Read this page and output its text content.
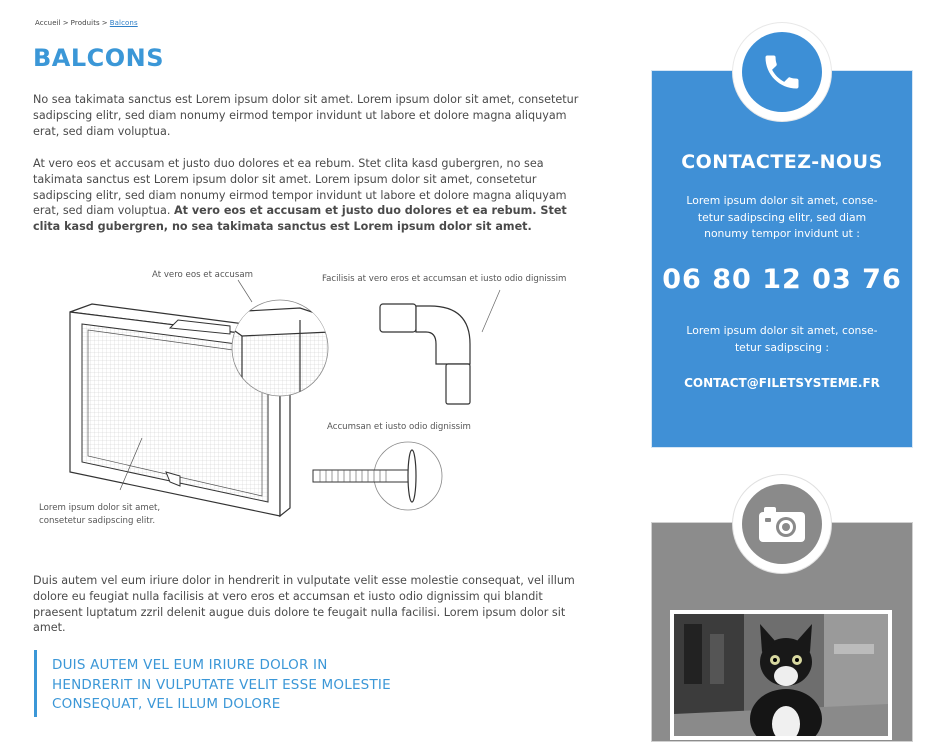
Accueil > Produits > Balcons
BALCONS

No sea takimata sanctus est Lorem ipsum dolor sit amet. Lorem ipsum dolor sit amet, consetetur sadipscing elitr, sed diam nonumy eirmod tempor invidunt ut labore et dolore magna aliquyam erat, sed diam voluptua.

At vero eos et accusam et justo duo dolores et ea rebum. Stet clita kasd gubergren, no sea takimata sanctus est Lorem ipsum dolor sit amet. Lorem ipsum dolor sit amet, consetetur sadipscing elitr, sed diam nonumy eirmod tempor invidunt ut labore et dolore magna aliquyam erat, sed diam voluptua. At vero eos et accusam et justo duo dolores et ea rebum. Stet clita kasd gubergren, no sea takimata sanctus est Lorem ipsum dolor sit amet.

At vero eos et accusam	Facilisis at vero eros et accumsan et iusto odio dignissim
Accumsan et iusto odio dignissim
Lorem ipsum dolor sit amet,
consetetur sadipscing elitr.

Duis autem vel eum iriure dolor in hendrerit in vulputate velit esse molestie consequat, vel illum dolore eu feugiat nulla facilisis at vero eros et accumsan et iusto odio dignissim qui blandit praesent luptatum zzril delenit augue duis dolore te feugait nulla facilisi. Lorem ipsum dolor sit amet.

DUIS AUTEM VEL EUM IRIURE DOLOR IN HENDRERIT IN VULPUTATE VELIT ESSE MOLESTIE CONSEQUAT, VEL ILLUM DOLORE
CONTACTEZ-NOUS
Lorem ipsum dolor sit amet, conse-tetur sadipscing elitr, sed diam nonumy tempor invidunt ut :
06 80 12 03 76
Lorem ipsum dolor sit amet, conse-tetur sadipscing :
CONTACT@FILETSYSTEME.FR
